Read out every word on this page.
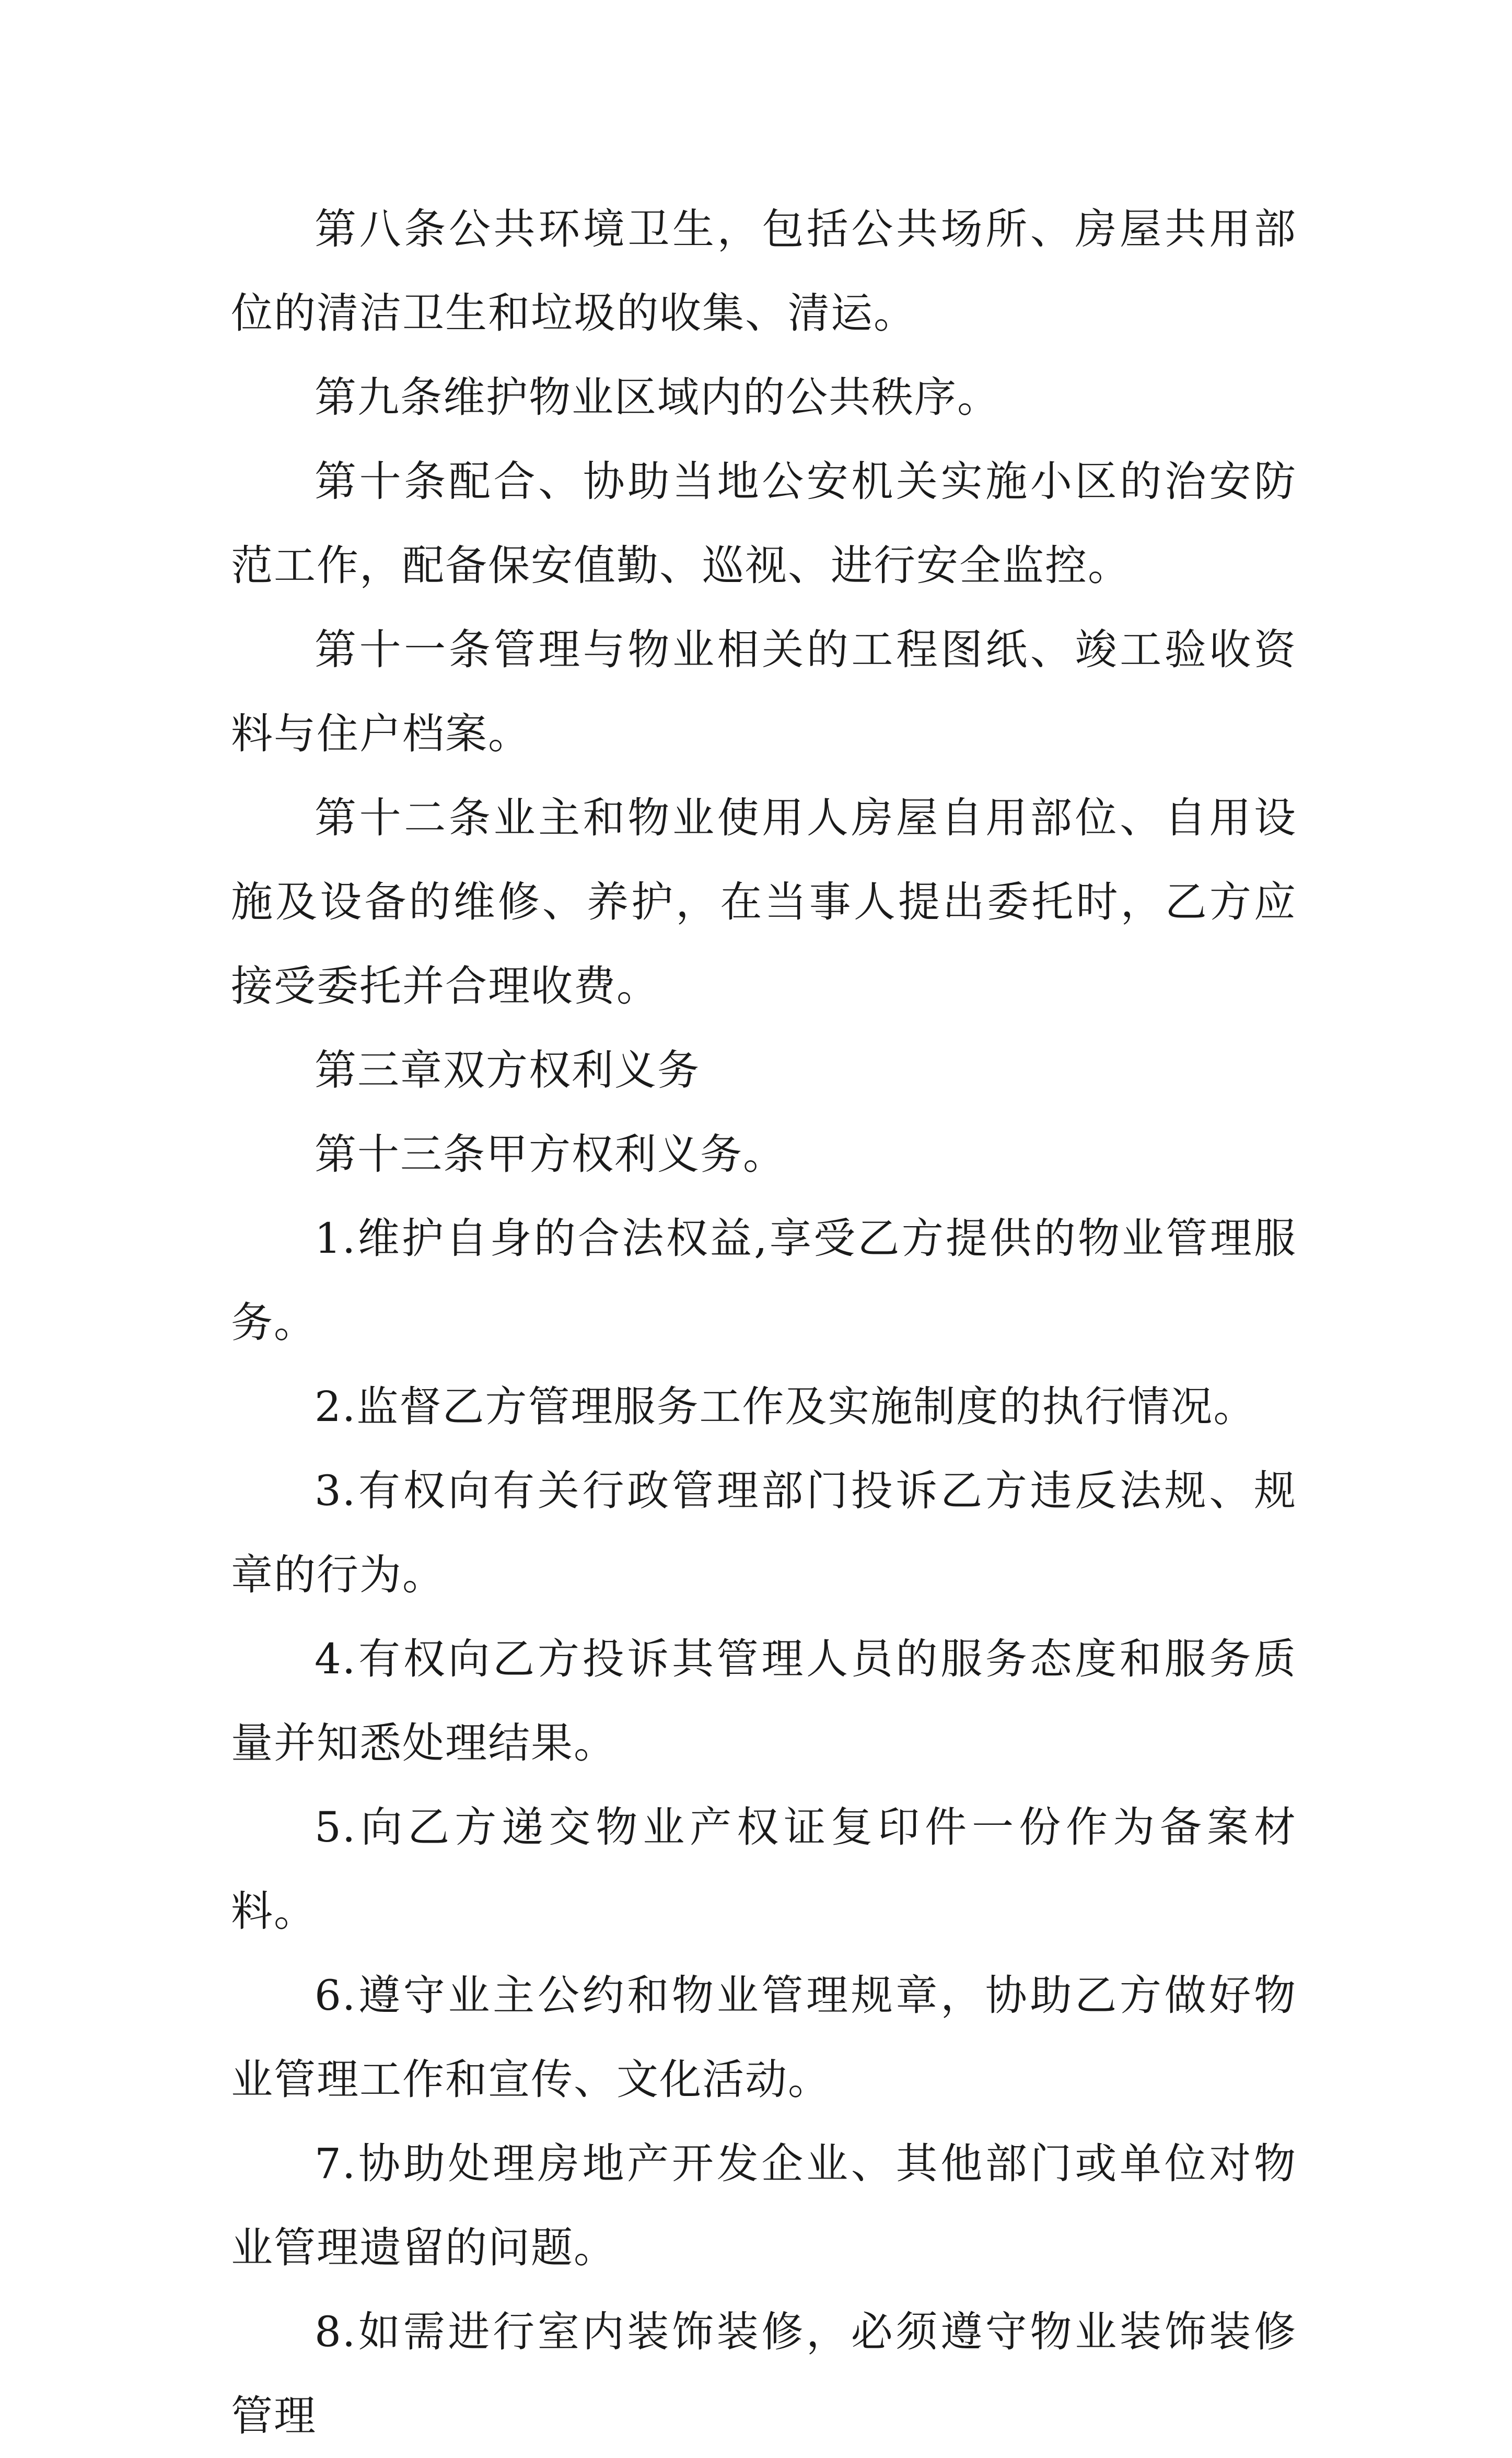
第八条公共环境卫生，包括公共场所、房屋共用部位的清洁卫生和垃圾的收集、清运。

第九条维护物业区域内的公共秩序。

第十条配合、协助当地公安机关实施小区的治安防范工作，配备保安值勤、巡视、进行安全监控。

第十一条管理与物业相关的工程图纸、竣工验收资料与住户档案。

第十二条业主和物业使用人房屋自用部位、自用设施及设备的维修、养护，在当事人提出委托时，乙方应接受委托并合理收费。

第三章双方权利义务

第十三条甲方权利义务。

1.维护自身的合法权益,享受乙方提供的物业管理服务。

2.监督乙方管理服务工作及实施制度的执行情况。

3.有权向有关行政管理部门投诉乙方违反法规、规章的行为。

4.有权向乙方投诉其管理人员的服务态度和服务质量并知悉处理结果。

5.向乙方递交物业产权证复印件一份作为备案材料。

6.遵守业主公约和物业管理规章，协助乙方做好物业管理工作和宣传、文化活动。

7.协助处理房地产开发企业、其他部门或单位对物业管理遗留的问题。

8.如需进行室内装饰装修，必须遵守物业装饰装修管理
